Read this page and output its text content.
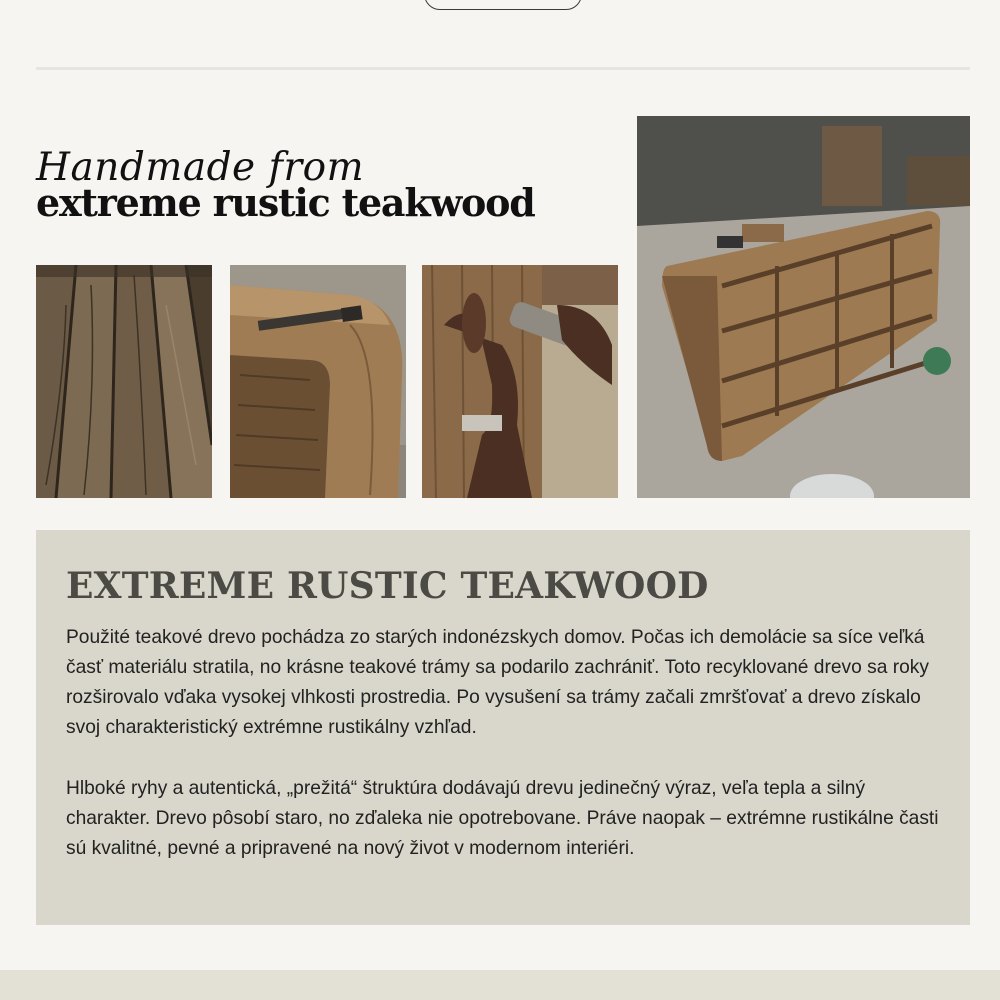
Handmade from
extreme rustic teakwood
EXTREME RUSTIC TEAKWOOD

Použité teakové drevo pochádza zo starých indonézskych domov. Počas ich demolácie sa síce veľká časť materiálu stratila, no krásne teakové trámy sa podarilo zachrániť. Toto recyklované drevo sa roky rozširovalo vďaka vysokej vlhkosti prostredia. Po vysušení sa trámy začali zmršťovať a drevo získalo svoj charakteristický extrémne rustikálny vzhľad.

Hlboké ryhy a autentická, „prežitá“ štruktúra dodávajú drevu jedinečný výraz, veľa tepla a silný charakter. Drevo pôsobí staro, no zďaleka nie opotrebovane. Práve naopak – extrémne rustikálne časti sú kvalitné, pevné a pripravené na nový život v modernom interiéri.
